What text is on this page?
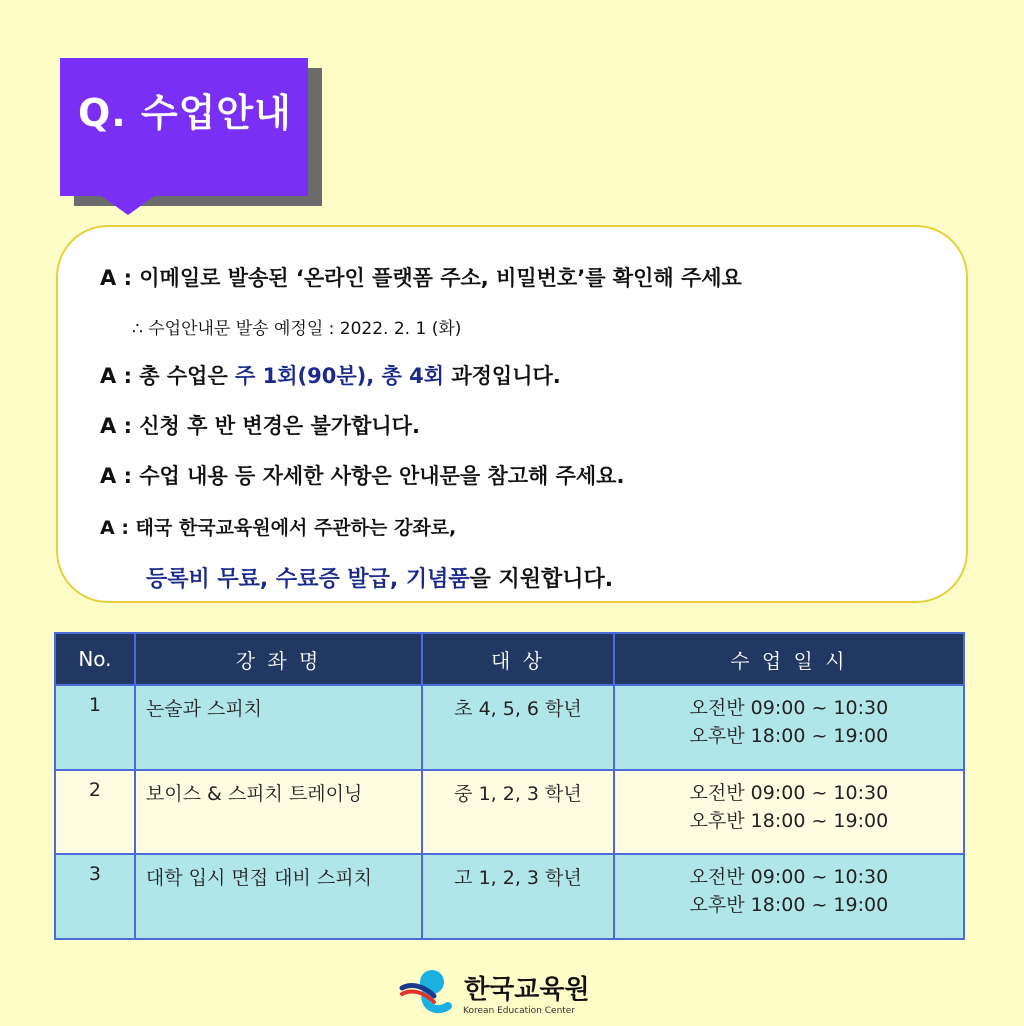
Q. 수업안내
A : 이메일로 발송된 ‘온라인 플랫폼 주소, 비밀번호’를 확인해 주세요
∴ 수업안내문 발송 예정일 : 2022. 2. 1 (화)
A : 총 수업은 주 1회(90분), 총 4회 과정입니다.
A : 신청 후 반 변경은 불가합니다.
A : 수업 내용 등 자세한 사항은 안내문을 참고해 주세요.
A : 태국 한국교육원에서 주관하는 강좌로,
등록비 무료, 수료증 발급, 기념품을 지원합니다.
No.	강 좌 명	대 상	수 업 일 시
1	논술과 스피치	초 4, 5, 6 학년	오전반 09:00 ~ 10:30
오후반 18:00 ~ 19:00

2	보이스 & 스피치 트레이닝	중 1, 2, 3 학년	오전반 09:00 ~ 10:30
오후반 18:00 ~ 19:00

3	대학 입시 면접 대비 스피치	고 1, 2, 3 학년	오전반 09:00 ~ 10:30
오후반 18:00 ~ 19:00
한국교육원
Korean Education Center
